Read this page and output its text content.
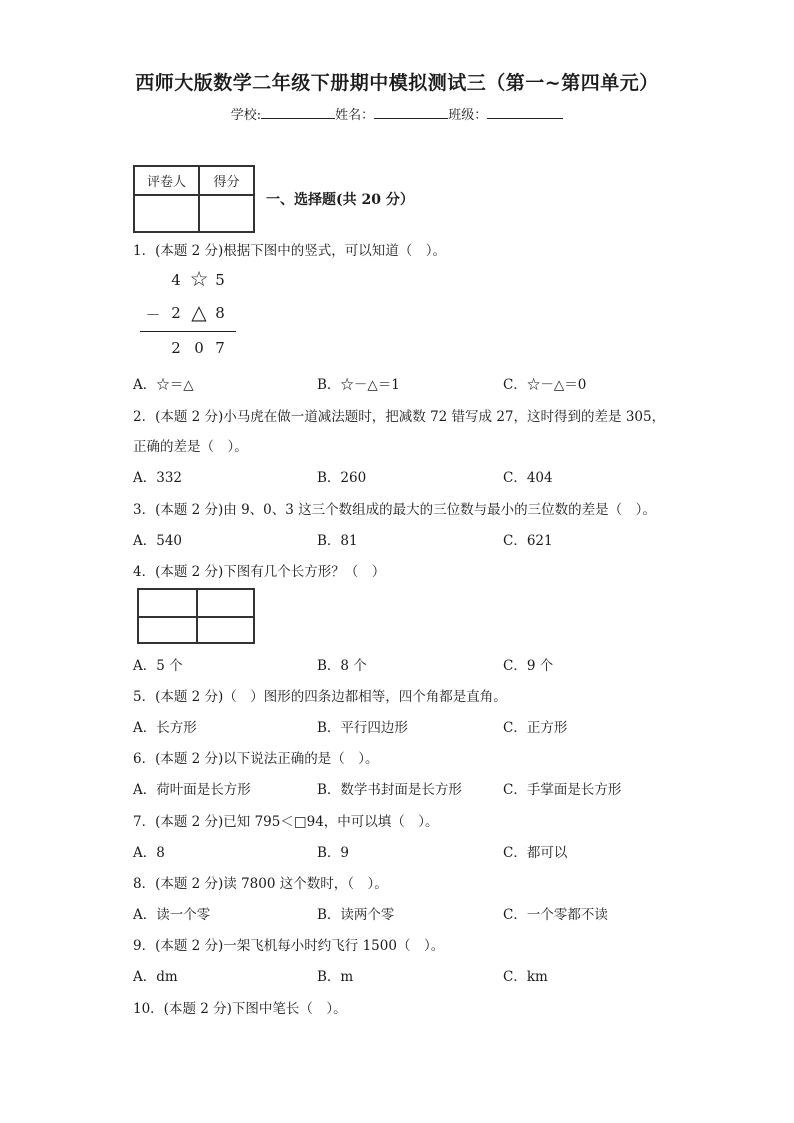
西师大版数学二年级下册期中模拟测试三（第一~第四单元）
学校:	姓名：	班级：
评卷人	得分

一、选择题(共 20 分）
1．(本题 2 分)根据下图中的竖式，可以知道（　）。
4 ☆ 5
－ 2 △ 8
2 0 7
A．☆＝△	B．☆－△＝1	C．☆－△＝0
2．(本题 2 分)小马虎在做一道减法题时，把减数 72 错写成 27，这时得到的差是 305，
正确的差是（　）。
A．332	B．260	C．404
3．(本题 2 分)由 9、0、3 这三个数组成的最大的三位数与最小的三位数的差是（　）。
A．540	B．81	C．621
4．(本题 2 分)下图有几个长方形？（　）
A．5 个	B．8 个	C．9 个
5．(本题 2 分)（　）图形的四条边都相等，四个角都是直角。
A．长方形	B．平行四边形	C．正方形
6．(本题 2 分)以下说法正确的是（　）。
A．荷叶面是长方形	B．数学书封面是长方形	C．手掌面是长方形
7．(本题 2 分)已知 795＜□94，中可以填（　）。
A．8	B．9	C．都可以
8．(本题 2 分)读 7800 这个数时，（　）。
A．读一个零	B．读两个零	C．一个零都不读
9．(本题 2 分)一架飞机每小时约飞行 1500（　）。
A．dm	B．m	C．km
10．(本题 2 分)下图中笔长（　）。
